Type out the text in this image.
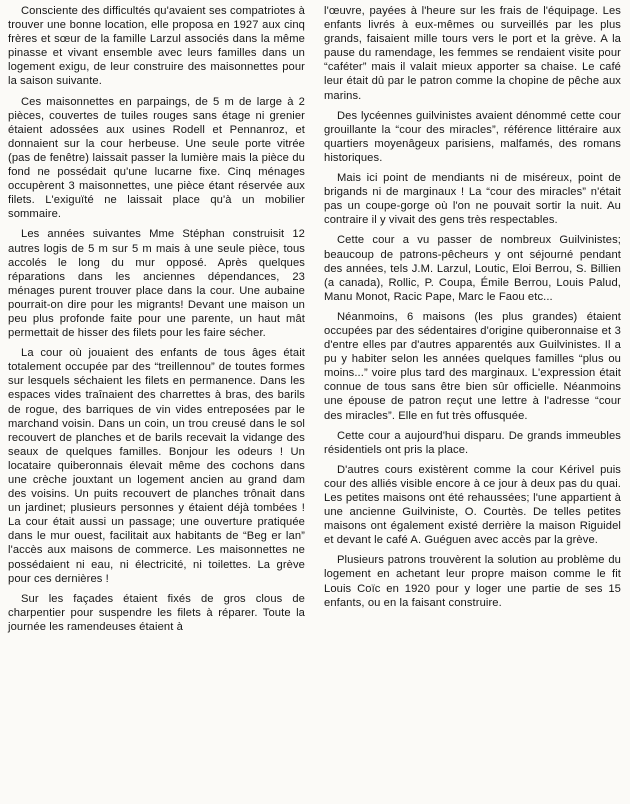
Consciente des difficultés qu'avaient ses compatriotes à trouver une bonne location, elle proposa en 1927 aux cinq frères et sœur de la famille Larzul associés dans la même pinasse et vivant ensemble avec leurs familles dans un logement exigu, de leur construire des maisonnettes pour la saison suivante.

Ces maisonnettes en parpaings, de 5 m de large à 2 pièces, couvertes de tuiles rouges sans étage ni grenier étaient adossées aux usines Rodell et Pennanroz, et donnaient sur la cour herbeuse. Une seule porte vitrée (pas de fenêtre) laissait passer la lumière mais la pièce du fond ne possédait qu'une lucarne fixe. Cinq ménages occupèrent 3 maisonnettes, une pièce étant réservée aux filets. L'exiguïté ne laissait place qu'à un mobilier sommaire.

Les années suivantes Mme Stéphan construisit 12 autres logis de 5 m sur 5 m mais à une seule pièce, tous accolés le long du mur opposé. Après quelques réparations dans les anciennes dépendances, 23 ménages purent trouver place dans la cour. Une aubaine pourrait-on dire pour les migrants! Devant une maison un peu plus profonde faite pour une parente, un haut mât permettait de hisser des filets pour les faire sécher.

La cour où jouaient des enfants de tous âges était totalement occupée par des “treillennou” de toutes formes sur lesquels séchaient les filets en permanence. Dans les espaces vides traînaient des charrettes à bras, des barils de rogue, des barriques de vin vides entreposées par le marchand voisin. Dans un coin, un trou creusé dans le sol recouvert de planches et de barils recevait la vidange des seaux de quelques familles. Bonjour les odeurs ! Un locataire quiberonnais élevait même des cochons dans une crèche jouxtant un logement ancien au grand dam des voisins. Un puits recouvert de planches trônait dans un jardinet; plusieurs personnes y étaient déjà tombées ! La cour était aussi un passage; une ouverture pratiquée dans le mur ouest, facilitait aux habitants de “Beg er lan” l'accès aux maisons de commerce. Les maisonnettes ne possédaient ni eau, ni électricité, ni toilettes. La grève pour ces dernières !

Sur les façades étaient fixés de gros clous de charpentier pour suspendre les filets à réparer. Toute la journée les ramendeuses étaient à

l'œuvre, payées à l'heure sur les frais de l'équipage. Les enfants livrés à eux-mêmes ou surveillés par les plus grands, faisaient mille tours vers le port et la grève. A la pause du ramendage, les femmes se rendaient visite pour “caféter” mais il valait mieux apporter sa chaise. Le café leur était dû par le patron comme la chopine de pêche aux marins.

Des lycéennes guilvinistes avaient dénommé cette cour grouillante la “cour des miracles”, référence littéraire aux quartiers moyenâgeux parisiens, malfamés, des romans historiques.

Mais ici point de mendiants ni de miséreux, point de brigands ni de marginaux ! La “cour des miracles” n'était pas un coupe-gorge où l'on ne pouvait sortir la nuit. Au contraire il y vivait des gens très respectables.

Cette cour a vu passer de nombreux Guilvinistes; beaucoup de patrons-pêcheurs y ont séjourné pendant des années, tels J.M. Larzul, Loutic, Eloi Berrou, S. Billien (a canada), Rollic, P. Coupa, Émile Berrou, Louis Palud, Manu Monot, Racic Pape, Marc le Faou etc...

Néanmoins, 6 maisons (les plus grandes) étaient occupées par des sédentaires d'origine quiberonnaise et 3 d'entre elles par d'autres apparentés aux Guilvinistes. Il a pu y habiter selon les années quelques familles “plus ou moins...” voire plus tard des marginaux. L'expression était connue de tous sans être bien sûr officielle. Néanmoins une épouse de patron reçut une lettre à l'adresse “cour des miracles”. Elle en fut très offusquée.

Cette cour a aujourd'hui disparu. De grands immeubles résidentiels ont pris la place.

D'autres cours existèrent comme la cour Kérivel puis cour des alliés visible encore à ce jour à deux pas du quai. Les petites maisons ont été rehaussées; l'une appartient à une ancienne Guilviniste, O. Courtès. De telles petites maisons ont également existé derrière la maison Riguidel et devant le café A. Guéguen avec accès par la grève.

Plusieurs patrons trouvèrent la solution au problème du logement en achetant leur propre maison comme le fit Louis Coïc en 1920 pour y loger une partie de ses 15 enfants, ou en la faisant construire.
